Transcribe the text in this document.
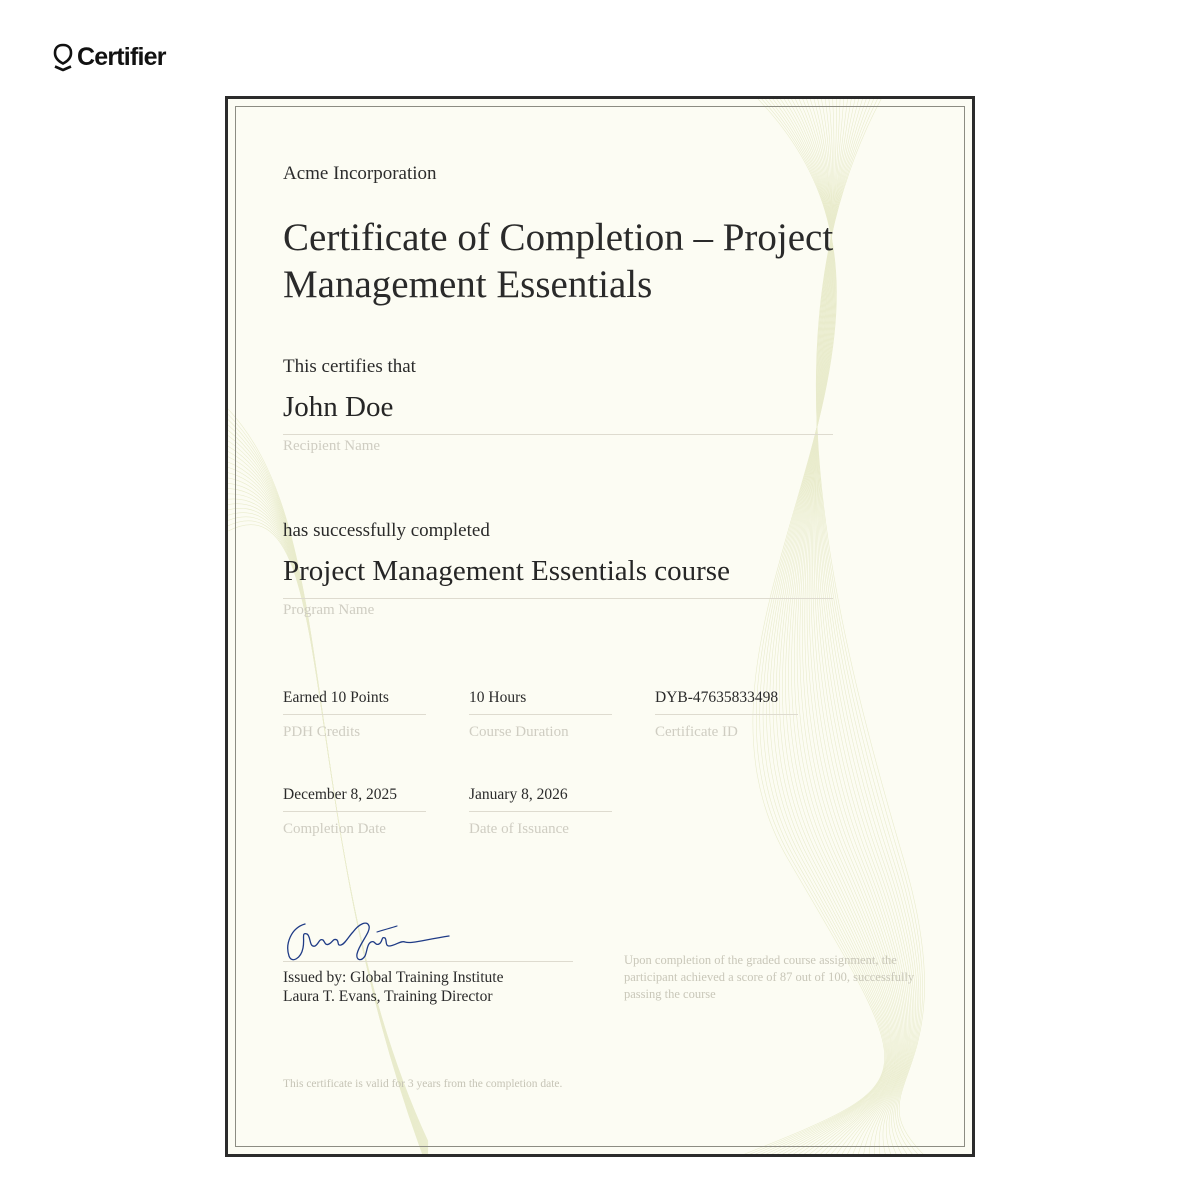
Certifier
Acme Incorporation
Certificate of Completion – Project Management Essentials
This certifies that
John Doe
Recipient Name
has successfully completed
Project Management Essentials course
Program Name
Earned 10 Points
PDH Credits
10 Hours
Course Duration
DYB-47635833498
Certificate ID
December 8, 2025
Completion Date
January 8, 2026
Date of Issuance
Issued by: Global Training Institute
Laura T. Evans, Training Director
Upon completion of the graded course assignment, the participant achieved a score of 87 out of 100, successfully passing the course
This certificate is valid for 3 years from the completion date.
